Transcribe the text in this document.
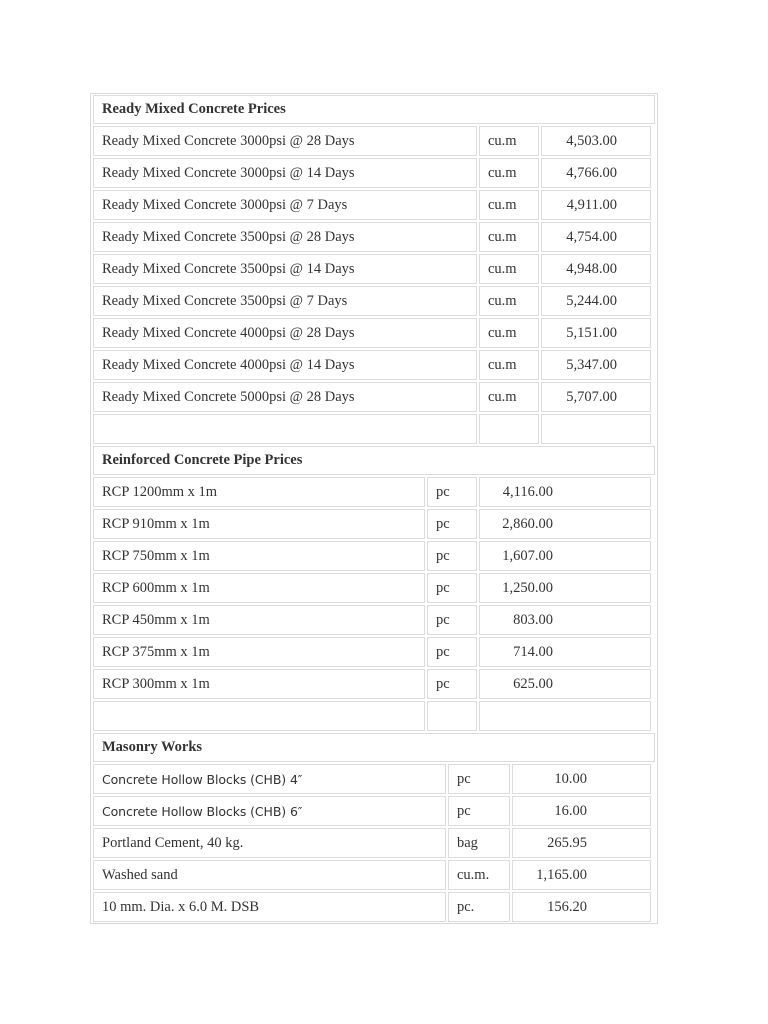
Ready Mixed Concrete Prices
Ready Mixed Concrete 3000psi @ 28 Days	cu.m	4,503.00
Ready Mixed Concrete 3000psi @ 14 Days	cu.m	4,766.00
Ready Mixed Concrete 3000psi @ 7 Days	cu.m	4,911.00
Ready Mixed Concrete 3500psi @ 28 Days	cu.m	4,754.00
Ready Mixed Concrete 3500psi @ 14 Days	cu.m	4,948.00
Ready Mixed Concrete 3500psi @ 7 Days	cu.m	5,244.00
Ready Mixed Concrete 4000psi @ 28 Days	cu.m	5,151.00
Ready Mixed Concrete 4000psi @ 14 Days	cu.m	5,347.00
Ready Mixed Concrete 5000psi @ 28 Days	cu.m	5,707.00
Reinforced Concrete Pipe Prices
RCP 1200mm x 1m	pc	4,116.00
RCP 910mm x 1m	pc	2,860.00
RCP 750mm x 1m	pc	1,607.00
RCP 600mm x 1m	pc	1,250.00
RCP 450mm x 1m	pc	803.00
RCP 375mm x 1m	pc	714.00
RCP 300mm x 1m	pc	625.00
Masonry Works
Concrete Hollow Blocks (CHB) 4″	pc	10.00
Concrete Hollow Blocks (CHB) 6″	pc	16.00
Portland Cement, 40 kg.	bag	265.95
Washed sand	cu.m.	1,165.00
10 mm. Dia. x 6.0 M. DSB	pc.	156.20
